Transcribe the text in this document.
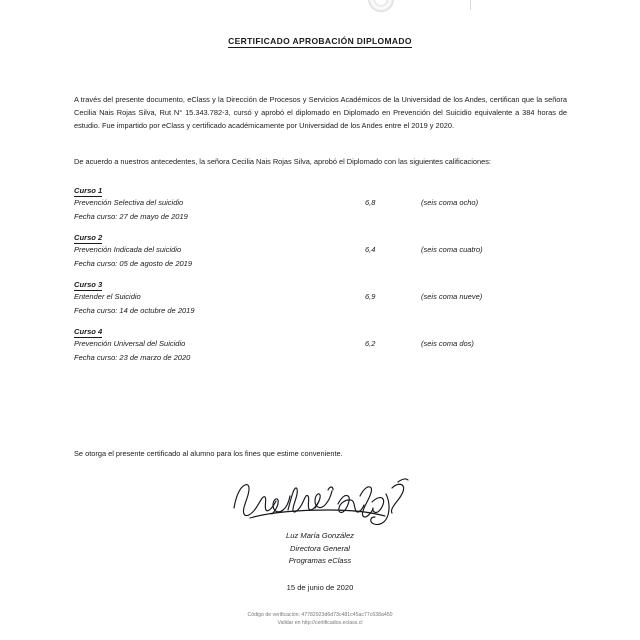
CERTIFICADO APROBACIÓN DIPLOMADO
A través del presente documento, eClass y la Dirección de Procesos y Servicios Académicos de la Universidad de los Andes, certifican que la señora Cecilia Nais Rojas Silva, Rut N° 15.343.782-3, cursó y aprobó el diplomado en Diplomado en Prevención del Suicidio equivalente a 384 horas de estudio. Fue impartido por eClass y certificado académicamente por Universidad de los Andes entre el 2019 y 2020.
De acuerdo a nuestros antecedentes, la señora Cecilia Nais Rojas Silva, aprobó el Diplomado con las siguientes calificaciones:
Curso 1
Prevención Selectiva del suicidio	6,8	(seis coma ocho)
Fecha curso: 27 de mayo de 2019
Curso 2
Prevención Indicada del suicidio	6,4	(seis coma cuatro)
Fecha curso: 05 de agosto de 2019
Curso 3
Entender el Suicidio	6,9	(seis coma nueve)
Fecha curso: 14 de octubre de 2019
Curso 4
Prevención Universal del Suicidio	6,2	(seis coma dos)
Fecha curso: 23 de marzo de 2020
Se otorga el presente certificado al alumno para los fines que estime conveniente.
Luz María González
Directora General
Programas eClass
15 de junio de 2020
Código de verificación: 47782923d6d73c481c45ac77c638a450
Validar en http://certificados.eclass.cl
